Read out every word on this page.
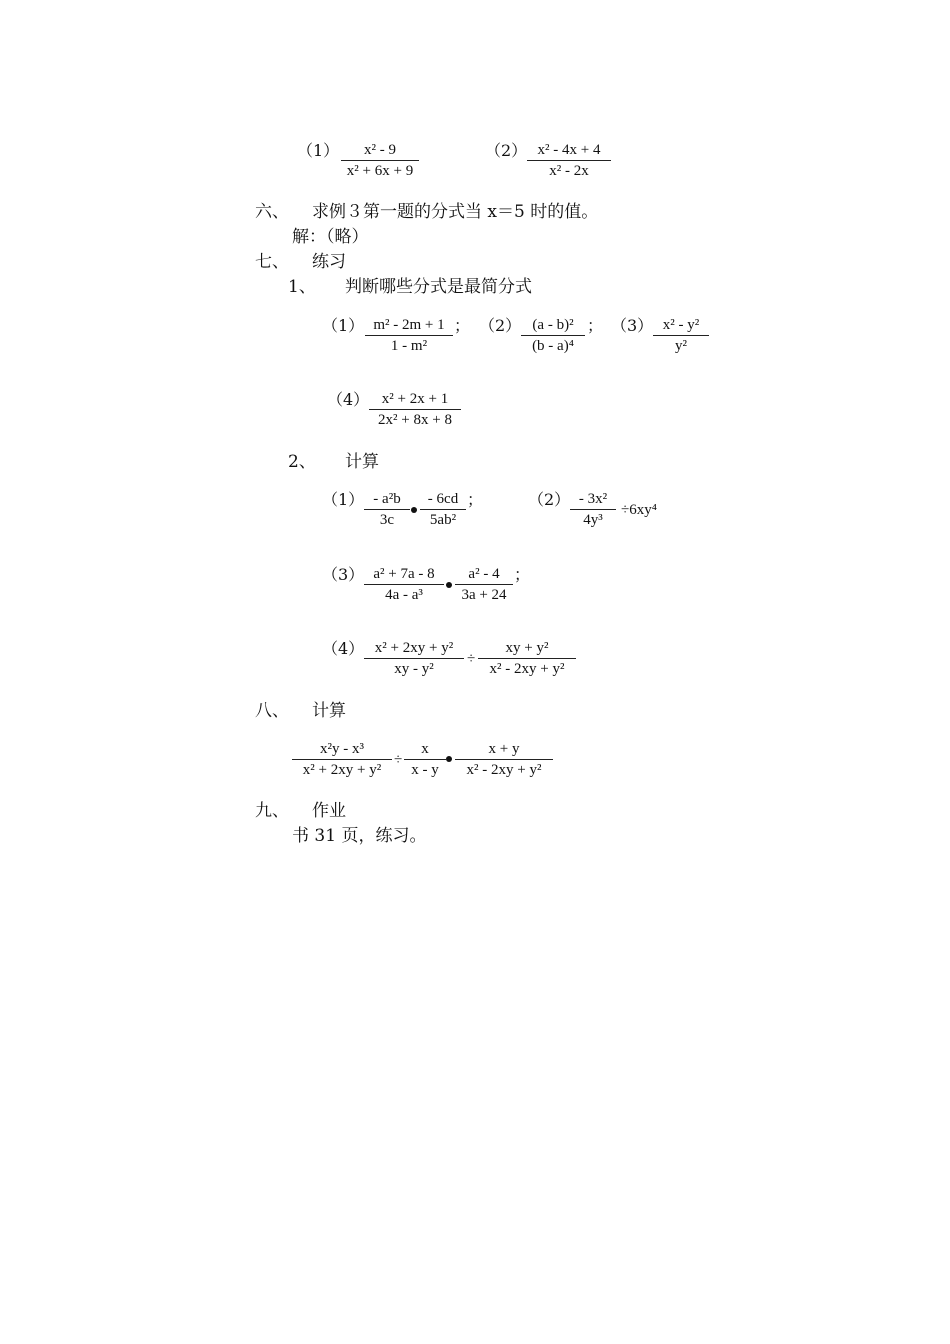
（1） x² - 9
x² + 6x + 9
（2） x² - 4x + 4
x² - 2x
六、 求例３第一题的分式当 x＝5 时的值。
解：（略）
七、 练习
1、 判断哪些分式是最简分式
（1） m² - 2m + 1
1 - m²
； （2） (a - b)²
(b - a)⁴
； （3） x² - y²
y²
（4） x² + 2x + 1
2x² + 8x + 8
2、 计算
（1） - a²b
3c
- 6cd
5ab²
；	（2） - 3x²
4y³
÷6xy⁴
（3） a² + 7a - 8
4a - a³
a² - 4
3a + 24
；
（4） x² + 2xy + y²
xy - y²
÷
xy + y²
x² - 2xy + y²
八、 计算
x²y - x³
x² + 2xy + y²
÷
x
x - y
x + y
x² - 2xy + y²
九、 作业
书 31 页，练习。
